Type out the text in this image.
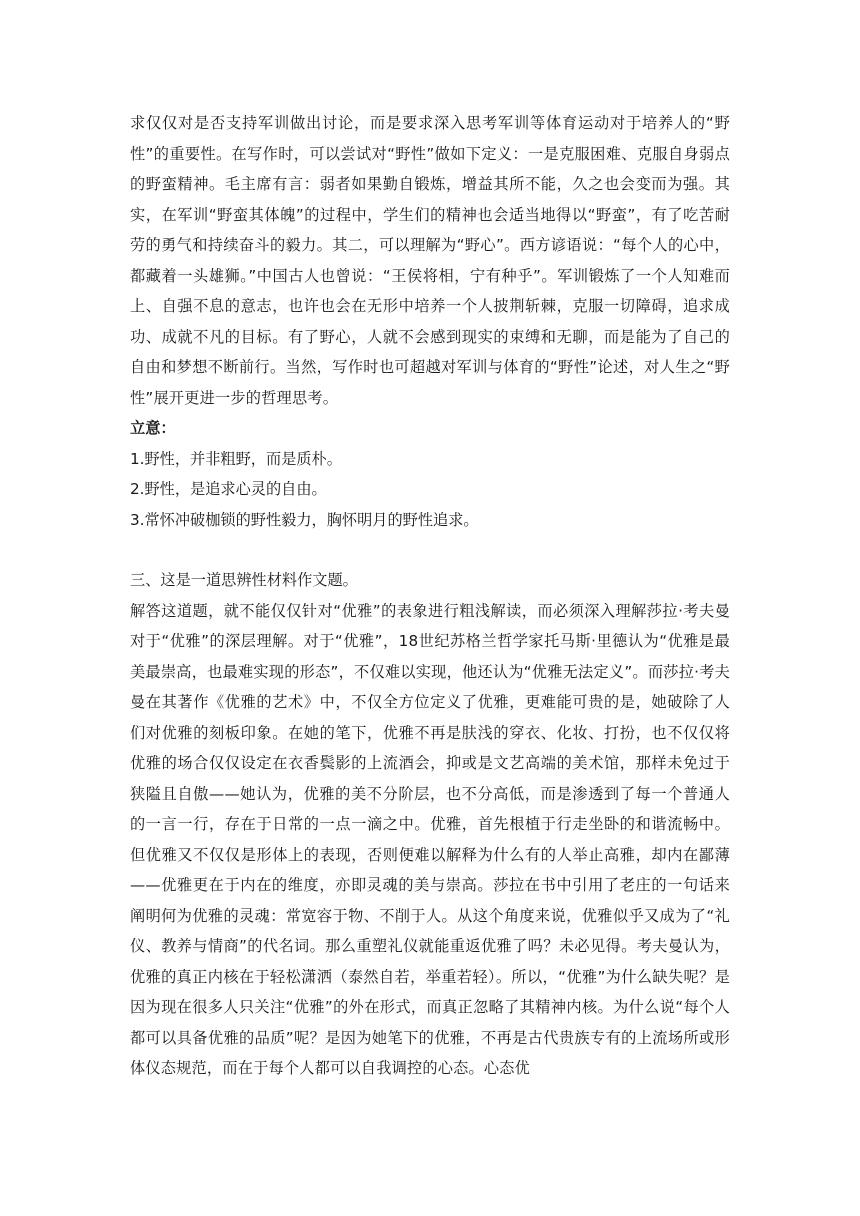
求仅仅对是否支持军训做出讨论，而是要求深入思考军训等体育运动对于培养人的“野性”的重要性。在写作时，可以尝试对“野性”做如下定义：一是克服困难、克服自身弱点的野蛮精神。毛主席有言：弱者如果勤自锻炼，增益其所不能，久之也会变而为强。其实，在军训“野蛮其体魄”的过程中，学生们的精神也会适当地得以“野蛮”，有了吃苦耐劳的勇气和持续奋斗的毅力。其二，可以理解为“野心”。西方谚语说：“每个人的心中，都藏着一头雄狮。”中国古人也曾说：“王侯将相，宁有种乎”。军训锻炼了一个人知难而上、自强不息的意志，也许也会在无形中培养一个人披荆斩棘，克服一切障碍，追求成功、成就不凡的目标。有了野心，人就不会感到现实的束缚和无聊，而是能为了自己的自由和梦想不断前行。当然，写作时也可超越对军训与体育的“野性”论述，对人生之“野性”展开更进一步的哲理思考。

立意：

1.野性，并非粗野，而是质朴。

2.野性，是追求心灵的自由。

3.常怀冲破枷锁的野性毅力，胸怀明月的野性追求。

三、这是一道思辨性材料作文题。

解答这道题，就不能仅仅针对“优雅”的表象进行粗浅解读，而必须深入理解莎拉·考夫曼对于“优雅”的深层理解。对于“优雅”，18世纪苏格兰哲学家托马斯·里德认为“优雅是最美最崇高，也最难实现的形态”，不仅难以实现，他还认为“优雅无法定义”。而莎拉·考夫曼在其著作《优雅的艺术》中，不仅全方位定义了优雅，更难能可贵的是，她破除了人们对优雅的刻板印象。在她的笔下，优雅不再是肤浅的穿衣、化妆、打扮，也不仅仅将优雅的场合仅仅设定在衣香鬓影的上流酒会，抑或是文艺高端的美术馆，那样未免过于狭隘且自傲——她认为，优雅的美不分阶层，也不分高低，而是渗透到了每一个普通人的一言一行，存在于日常的一点一滴之中。优雅，首先根植于行走坐卧的和谐流畅中。但优雅又不仅仅是形体上的表现，否则便难以解释为什么有的人举止高雅，却内在鄙薄——优雅更在于内在的维度，亦即灵魂的美与崇高。莎拉在书中引用了老庄的一句话来阐明何为优雅的灵魂：常宽容于物、不削于人。从这个角度来说，优雅似乎又成为了“礼仪、教养与情商”的代名词。那么重塑礼仪就能重返优雅了吗？未必见得。考夫曼认为，优雅的真正内核在于轻松潇洒（泰然自若，举重若轻）。所以，“优雅”为什么缺失呢？是因为现在很多人只关注“优雅”的外在形式，而真正忽略了其精神内核。为什么说“每个人都可以具备优雅的品质”呢？是因为她笔下的优雅，不再是古代贵族专有的上流场所或形体仪态规范，而在于每个人都可以自我调控的心态。心态优
